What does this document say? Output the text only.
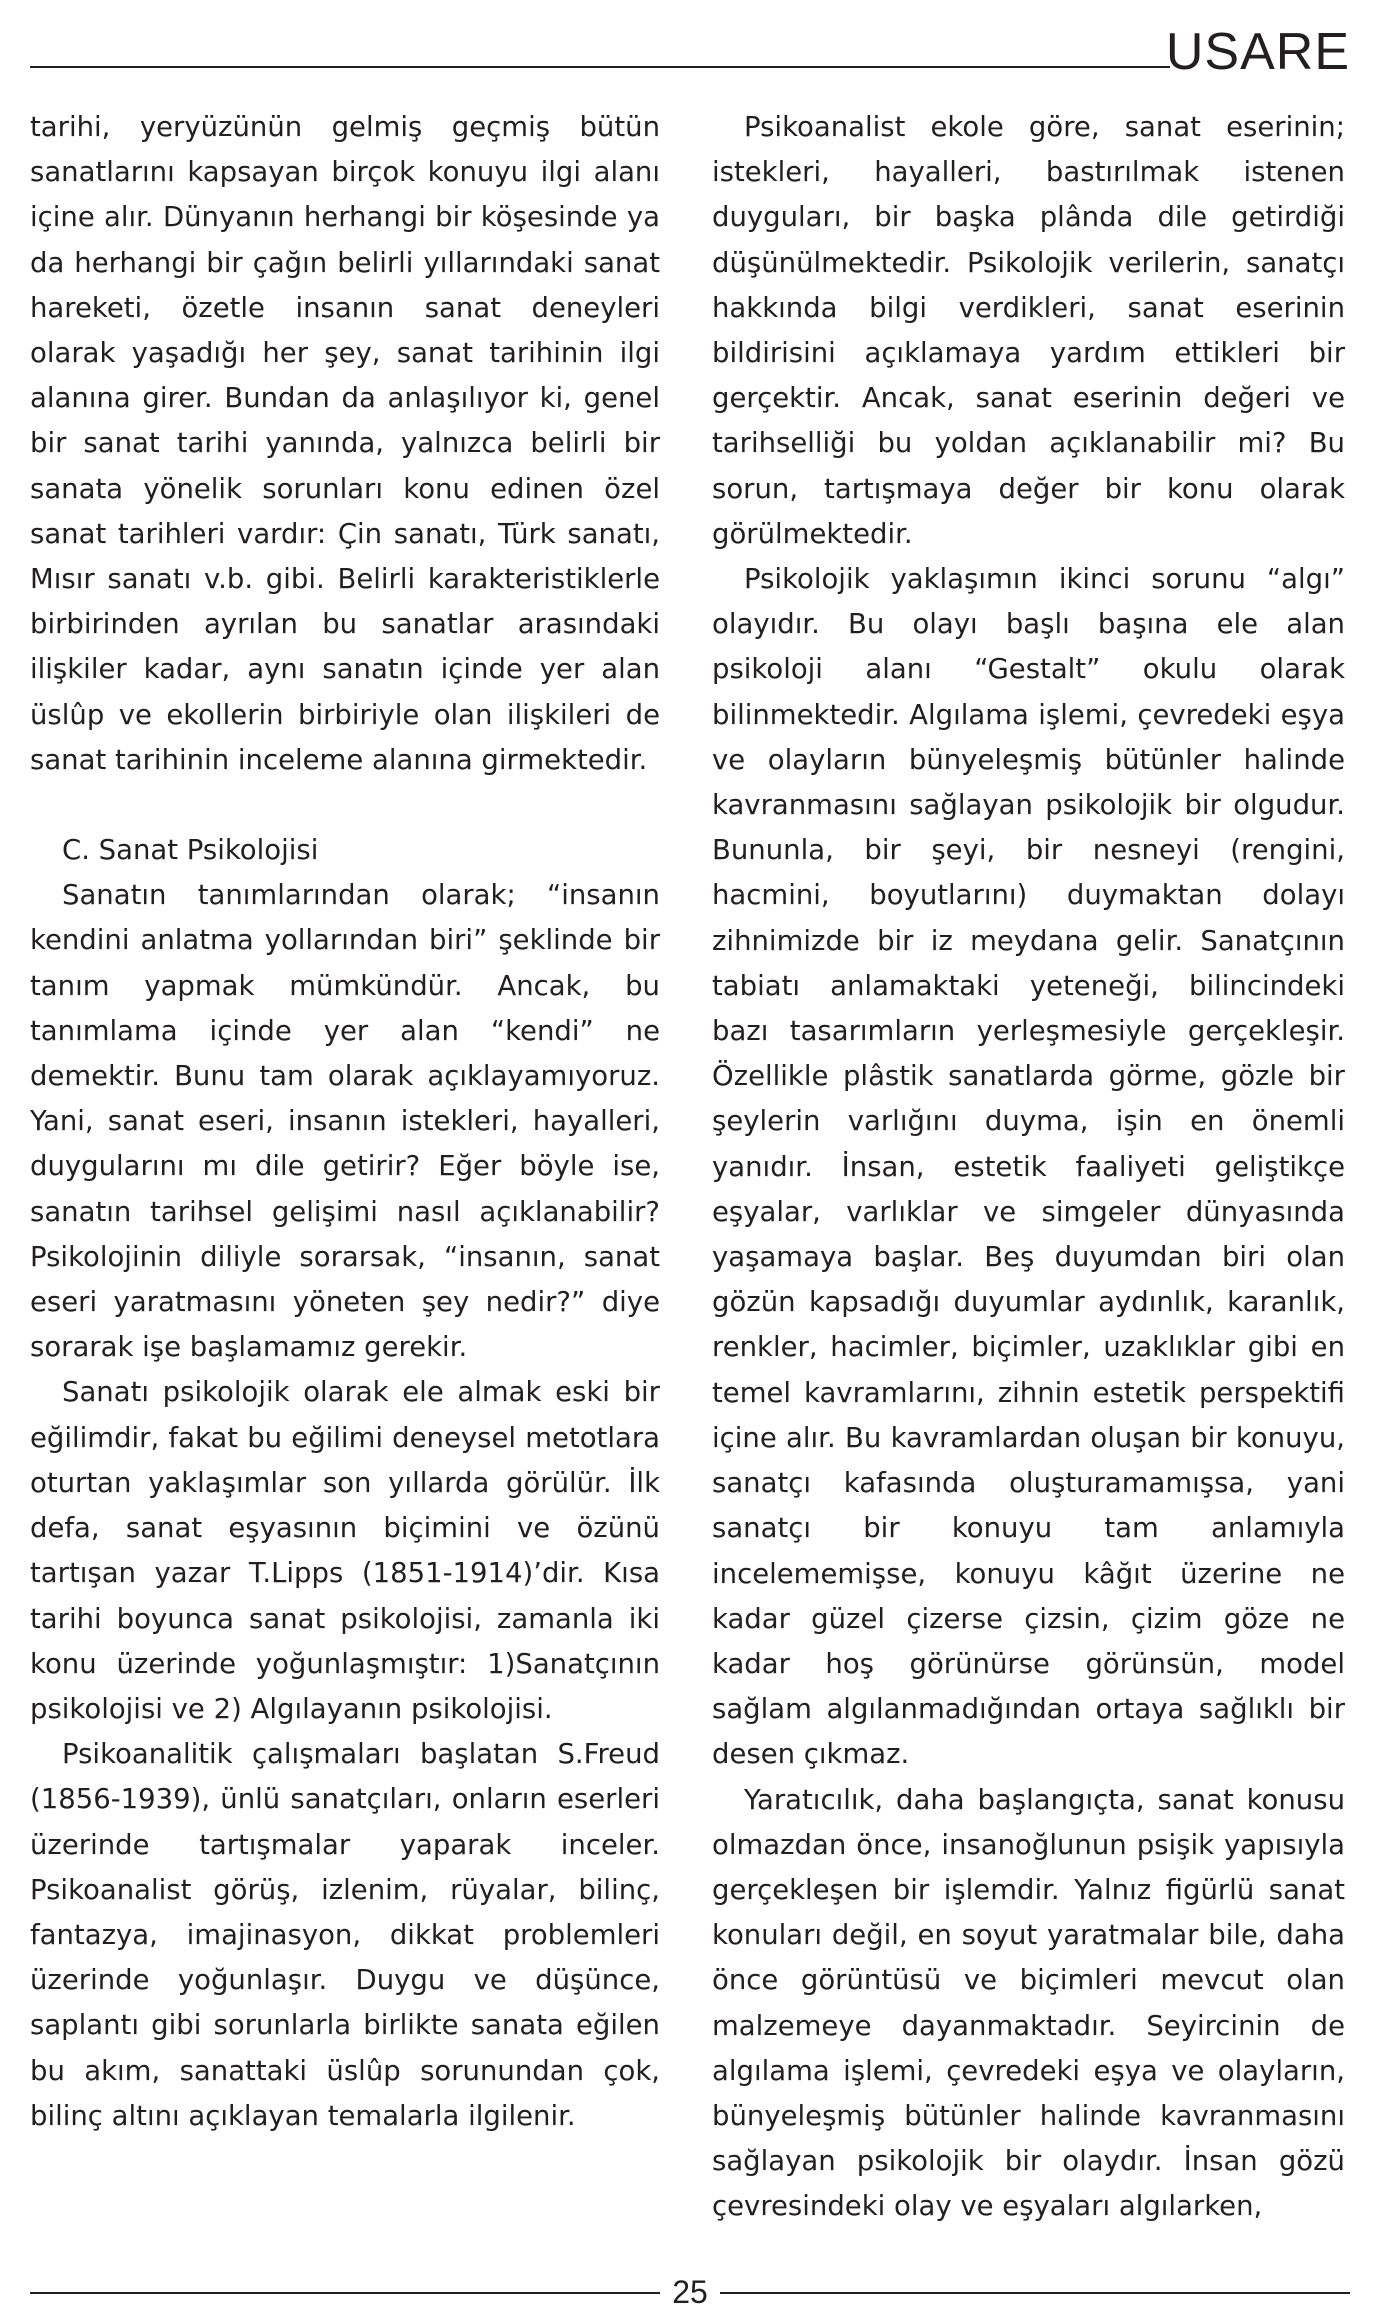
USARE

tarihi, yeryüzünün gelmiş geçmiş bütün sanatlarını kapsayan birçok konuyu ilgi alanı içine alır. Dünyanın herhangi bir köşesinde ya da herhangi bir çağın belirli yıllarındaki sanat hareketi, özetle insanın sanat deneyleri olarak yaşadığı her şey, sanat tarihinin ilgi alanına girer. Bundan da anlaşılıyor ki, genel bir sanat tarihi yanında, yalnızca belirli bir sanata yönelik sorunları konu edinen özel sanat tarihleri vardır: Çin sanatı, Türk sanatı, Mısır sanatı v.b. gibi. Belirli karakteristiklerle birbirinden ayrılan bu sanatlar arasındaki ilişkiler kadar, aynı sanatın içinde yer alan üslûp ve ekollerin birbiriyle olan ilişkileri de sanat tarihinin inceleme alanına girmektedir.

C. Sanat Psikolojisi

Sanatın tanımlarından olarak; “insanın kendini anlatma yollarından biri” şeklinde bir tanım yapmak mümkündür. Ancak, bu tanımlama içinde yer alan “kendi” ne demektir. Bunu tam olarak açıklayamıyoruz. Yani, sanat eseri, insanın istekleri, hayalleri, duygularını mı dile getirir? Eğer böyle ise, sanatın tarihsel gelişimi nasıl açıklanabilir? Psikolojinin diliyle sorarsak, “insanın, sanat eseri yaratmasını yöneten şey nedir?” diye sorarak işe başlamamız gerekir.

Sanatı psikolojik olarak ele almak eski bir eğilimdir, fakat bu eğilimi deneysel metotlara oturtan yaklaşımlar son yıllarda görülür. İlk defa, sanat eşyasının biçimini ve özünü tartışan yazar T.Lipps (1851-1914)’dir. Kısa tarihi boyunca sanat psikolojisi, zamanla iki konu üzerinde yoğunlaşmıştır: 1)Sanatçının psikolojisi ve 2) Algılayanın psikolojisi.

Psikoanalitik çalışmaları başlatan S.Freud (1856-1939), ünlü sanatçıları, onların eserleri üzerinde tartışmalar yaparak inceler. Psikoanalist görüş, izlenim, rüyalar, bilinç, fantazya, imajinasyon, dikkat problemleri üzerinde yoğunlaşır. Duygu ve düşünce, saplantı gibi sorunlarla birlikte sanata eğilen bu akım, sanattaki üslûp sorunundan çok, bilinç altını açıklayan temalarla ilgilenir.

Psikoanalist ekole göre, sanat eserinin; istekleri, hayalleri, bastırılmak istenen duyguları, bir başka plânda dile getirdiği düşünülmektedir. Psikolojik verilerin, sanatçı hakkında bilgi verdikleri, sanat eserinin bildirisini açıklamaya yardım ettikleri bir gerçektir. Ancak, sanat eserinin değeri ve tarihselliği bu yoldan açıklanabilir mi? Bu sorun, tartışmaya değer bir konu olarak görülmektedir.

Psikolojik yaklaşımın ikinci sorunu “algı” olayıdır. Bu olayı başlı başına ele alan psikoloji alanı “Gestalt” okulu olarak bilinmektedir. Algılama işlemi, çevredeki eşya ve olayların bünyeleşmiş bütünler halinde kavranmasını sağlayan psikolojik bir olgudur. Bununla, bir şeyi, bir nesneyi (rengini, hacmini, boyutlarını) duymaktan dolayı zihnimizde bir iz meydana gelir. Sanatçının tabiatı anlamaktaki yeteneği, bilincindeki bazı tasarımların yerleşmesiyle gerçekleşir. Özellikle plâstik sanatlarda görme, gözle bir şeylerin varlığını duyma, işin en önemli yanıdır. İnsan, estetik faaliyeti geliştikçe eşyalar, varlıklar ve simgeler dünyasında yaşamaya başlar. Beş duyumdan biri olan gözün kapsadığı duyumlar aydınlık, karanlık, renkler, hacimler, biçimler, uzaklıklar gibi en temel kavramlarını, zihnin estetik perspektifi içine alır. Bu kavramlardan oluşan bir konuyu, sanatçı kafasında oluşturamamışsa, yani sanatçı bir konuyu tam anlamıyla incelememişse, konuyu kâğıt üzerine ne kadar güzel çizerse çizsin, çizim göze ne kadar hoş görünürse görünsün, model sağlam algılanmadığından ortaya sağlıklı bir desen çıkmaz.

Yaratıcılık, daha başlangıçta, sanat konusu olmazdan önce, insanoğlunun psişik yapısıyla gerçekleşen bir işlemdir. Yalnız figürlü sanat konuları değil, en soyut yaratmalar bile, daha önce görüntüsü ve biçimleri mevcut olan malzemeye dayanmaktadır. Seyircinin de algılama işlemi, çevredeki eşya ve olayların, bünyeleşmiş bütünler halinde kavranmasını sağlayan psikolojik bir olaydır. İnsan gözü çevresindeki olay ve eşyaları algılarken,

25
